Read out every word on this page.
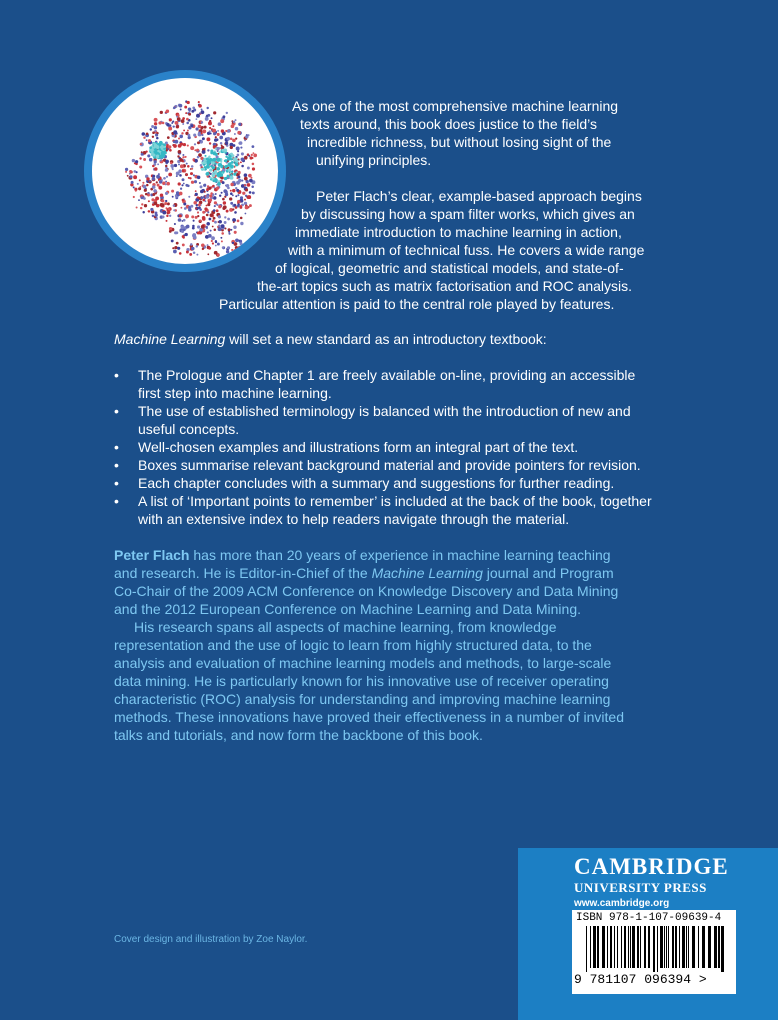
As one of the most comprehensive machine learning
texts around, this book does justice to the field’s
incredible richness, but without losing sight of the
unifying principles.
Peter Flach’s clear, example-based approach begins
by discussing how a spam filter works, which gives an
immediate introduction to machine learning in action,
with a minimum of technical fuss. He covers a wide range
of logical, geometric and statistical models, and state-of-
the-art topics such as matrix factorisation and ROC analysis.
Particular attention is paid to the central role played by features.
Machine Learning will set a new standard as an introductory textbook:
• The Prologue and Chapter 1 are freely available on-line, providing an accessible first step into machine learning.
• The use of established terminology is balanced with the introduction of new and useful concepts.
• Well-chosen examples and illustrations form an integral part of the text.
• Boxes summarise relevant background material and provide pointers for revision.
• Each chapter concludes with a summary and suggestions for further reading.
• A list of ‘Important points to remember’ is included at the back of the book, together with an extensive index to help readers navigate through the material.

Peter Flach has more than 20 years of experience in machine learning teaching and research. He is Editor-in-Chief of the Machine Learning journal and Program Co-Chair of the 2009 ACM Conference on Knowledge Discovery and Data Mining and the 2012 European Conference on Machine Learning and Data Mining.

His research spans all aspects of machine learning, from knowledge representation and the use of logic to learn from highly structured data, to the analysis and evaluation of machine learning models and methods, to large-scale data mining. He is particularly known for his innovative use of receiver operating characteristic (ROC) analysis for understanding and improving machine learning methods. These innovations have proved their effectiveness in a number of invited talks and tutorials, and now form the backbone of this book.

Cover design and illustration by Zoe Naylor.
CAMBRIDGE
UNIVERSITY PRESS
www.cambridge.org
ISBN 978-1-107-09639-4
9 781107 096394 >
